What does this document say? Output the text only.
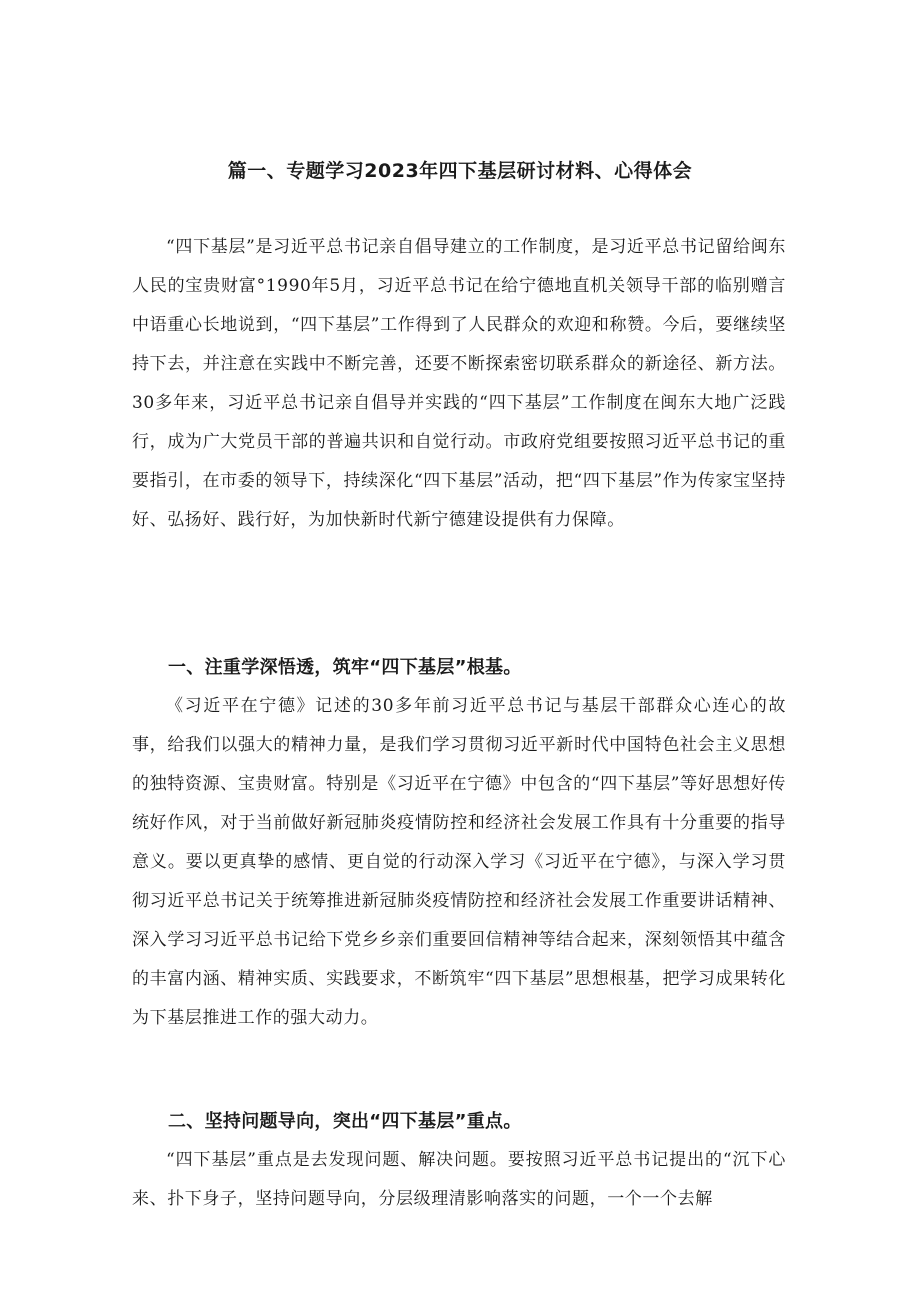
篇一、专题学习2023年四下基层研讨材料、心得体会

“四下基层”是习近平总书记亲自倡导建立的工作制度，是习近平总书记留给闽东人民的宝贵财富°1990年5月，习近平总书记在给宁德地直机关领导干部的临别赠言中语重心长地说到，“四下基层”工作得到了人民群众的欢迎和称赞。今后，要继续坚持下去，并注意在实践中不断完善，还要不断探索密切联系群众的新途径、新方法。30多年来，习近平总书记亲自倡导并实践的“四下基层”工作制度在闽东大地广泛践行，成为广大党员干部的普遍共识和自觉行动。市政府党组要按照习近平总书记的重要指引，在市委的领导下，持续深化“四下基层”活动，把“四下基层”作为传家宝坚持好、弘扬好、践行好，为加快新时代新宁德建设提供有力保障。

一、注重学深悟透，筑牢“四下基层”根基。

《习近平在宁德》记述的30多年前习近平总书记与基层干部群众心连心的故事，给我们以强大的精神力量，是我们学习贯彻习近平新时代中国特色社会主义思想的独特资源、宝贵财富。特别是《习近平在宁德》中包含的“四下基层”等好思想好传统好作风，对于当前做好新冠肺炎疫情防控和经济社会发展工作具有十分重要的指导意义。要以更真挚的感情、更自觉的行动深入学习《习近平在宁德》，与深入学习贯彻习近平总书记关于统筹推进新冠肺炎疫情防控和经济社会发展工作重要讲话精神、深入学习习近平总书记给下党乡乡亲们重要回信精神等结合起来，深刻领悟其中蕴含的丰富内涵、精神实质、实践要求，不断筑牢“四下基层”思想根基，把学习成果转化为下基层推进工作的强大动力。

二、坚持问题导向，突出“四下基层”重点。

“四下基层”重点是去发现问题、解决问题。要按照习近平总书记提出的“沉下心来、扑下身子，坚持问题导向，分层级理清影响落实的问题，一个一个去解
